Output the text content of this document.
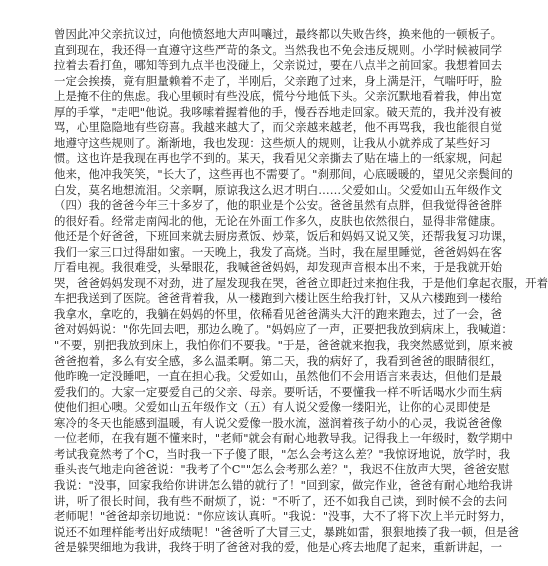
曾因此冲父亲抗议过，向他愤怒地大声叫嚷过，最终都以失败告终，换来他的一顿板子。
直到现在，我还得一直遵守这些严苛的条文。当然我也不免会违反规则。小学时候被同学
拉着去看打鱼，哪知等到九点半也没碰上，父亲说过，要在八点半之前回家。我想着回去
一定会挨揍，竟有胆量赖着不走了，半刚后，父亲跑了过来，身上满是汗，气喘吁吁，脸
上是掩不住的焦虑。我心里顿时有些没底，慌兮兮地低下头。父亲沉默地看着我，伸出宽
厚的手掌，"走吧"他说。我哆嗦着握着他的手，慢吞吞地走回家。破天荒的，我并没有被
骂，心里隐隐地有些窃喜。我越来越大了，而父亲越来越老，他不再骂我，我也能很自觉
地遵守这些规则了。渐渐地，我也发现：这些烦人的规则，让我从小就养成了某些好习
惯。这也许是我现在再也学不到的。某天，我看见父亲撕去了贴在墙上的一纸家规，问起
他来，他冲我笑笑，"长大了，这些再也不需要了。"刹那间，心底暖暖的，望见父亲鬓间的
白发，莫名地想流泪。父亲啊，原谅我这么迟才明白……父爱如山。父爱如山五年级作文
（四）我的爸爸今年三十多岁了，他的职业是个公安。爸爸虽然有点胖，但我觉得爸爸胖
的很好看。经常走南闯北的他，无论在外面工作多久，皮肤也依然很白，显得非常健康。
他还是个好爸爸，下班回来就去厨房煮饭、炒菜，饭后和妈妈又说又笑，还帮我复习功课，
我们一家三口过得甜如蜜。一天晚上，我发了高烧。当时，我在屋里睡觉，爸爸妈妈在客
厅看电视。我很难受，头晕眼花，我喊爸爸妈妈，却发现声音根本出不来，于是我就开始
哭，爸爸妈妈发现不对劲，进了屋发现我在哭，爸爸立即赶过来抱住我，于是他们拿起衣服，开着
车把我送到了医院。爸爸背着我，从一楼跑到六楼让医生给我打针，又从六楼跑到一楼给
我拿水，拿吃的，我躺在妈妈的怀里，依稀看见爸爸满头大汗的跑来跑去，过了一会，爸
爸对妈妈说："你先回去吧，那边么晚了。"妈妈应了一声，正要把我放到病床上，我喊道：
"不要，别把我放到床上，我怕你们不要我。"于是，爸爸就来抱我，我突然感觉到，原来被
爸爸抱着，多么有安全感，多么温柔啊。第二天，我的病好了，我看到爸爸的眼睛很红，
他昨晚一定没睡吧，一直在担心我。父爱如山，虽然他们不会用语言来表达，但他们是最
爱我们的。大家一定要爱自己的父亲、母亲。要听话，不要懂我一样不听话喝水少而生病
使他们担心噢。父爱如山五年级作文（五）有人说父爱像一缕阳光，让你的心灵即使是
寒冷的冬天也能感到温暖，有人说父爱像一股水流，滋润着孩子幼小的心灵，我说爸爸像
一位老师，在我有题不懂来时，"老师"就会有耐心地教导我。记得我上一年级时，数学期中
考试我竟然考了个C，当时我一下子傻了眼，"怎么会考这么差？"我惊讶地说，放学时，我
垂头丧气地走向爸爸说："我考了个C""怎么会考那么差？"，我迟不住放声大哭，爸爸安慰
我说："没事，回家我给你讲讲怎么错的就行了！"回到家，做完作业，爸爸有耐心地给我讲
讲，听了很长时间，我有些不耐烦了，说："不听了，还不如我自己读，到时候不会的去问
老师呢！"爸爸却亲切地说："你应该认真听。"我说："没事，大不了将下次上半元时努力，
说还不如理样能考出好成绩呢！"爸爸听了大冒三丈，暴跳如雷，狠狠地揍了我一顿，但是爸
爸是躲哭细地为我讲，我终于明了爸爸对我的爱，他是心疼去地爬了起来，重新讲起，一
